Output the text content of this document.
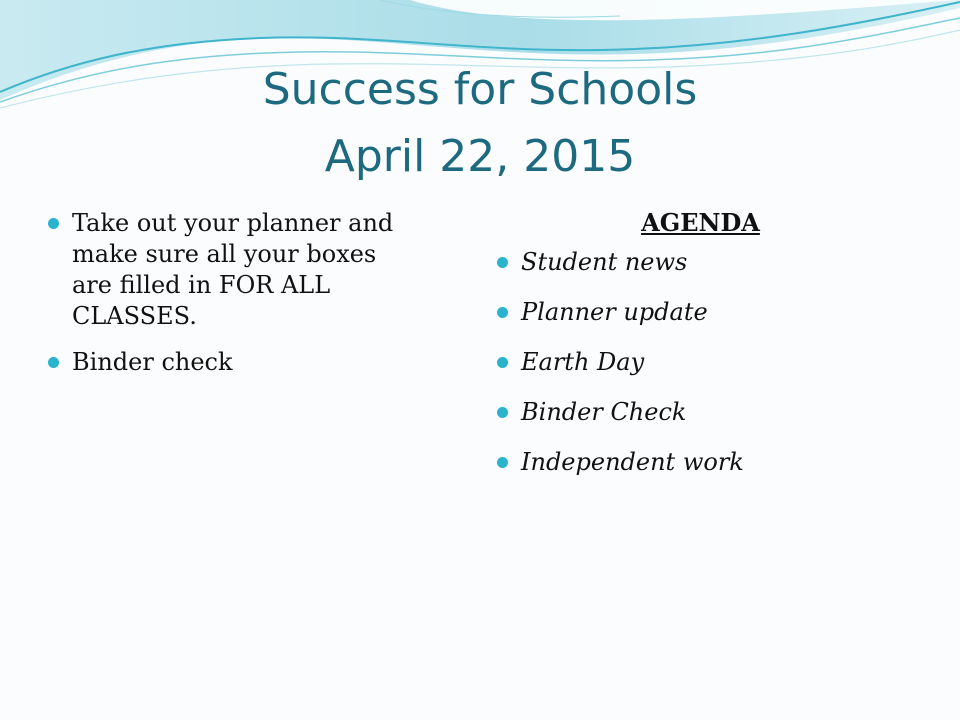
Success for Schools
April 22, 2015
Take out your planner and make sure all your boxes are filled in FOR ALL CLASSES.
Binder check
AGENDA
Student news
Planner update
Earth Day
Binder Check
Independent work
